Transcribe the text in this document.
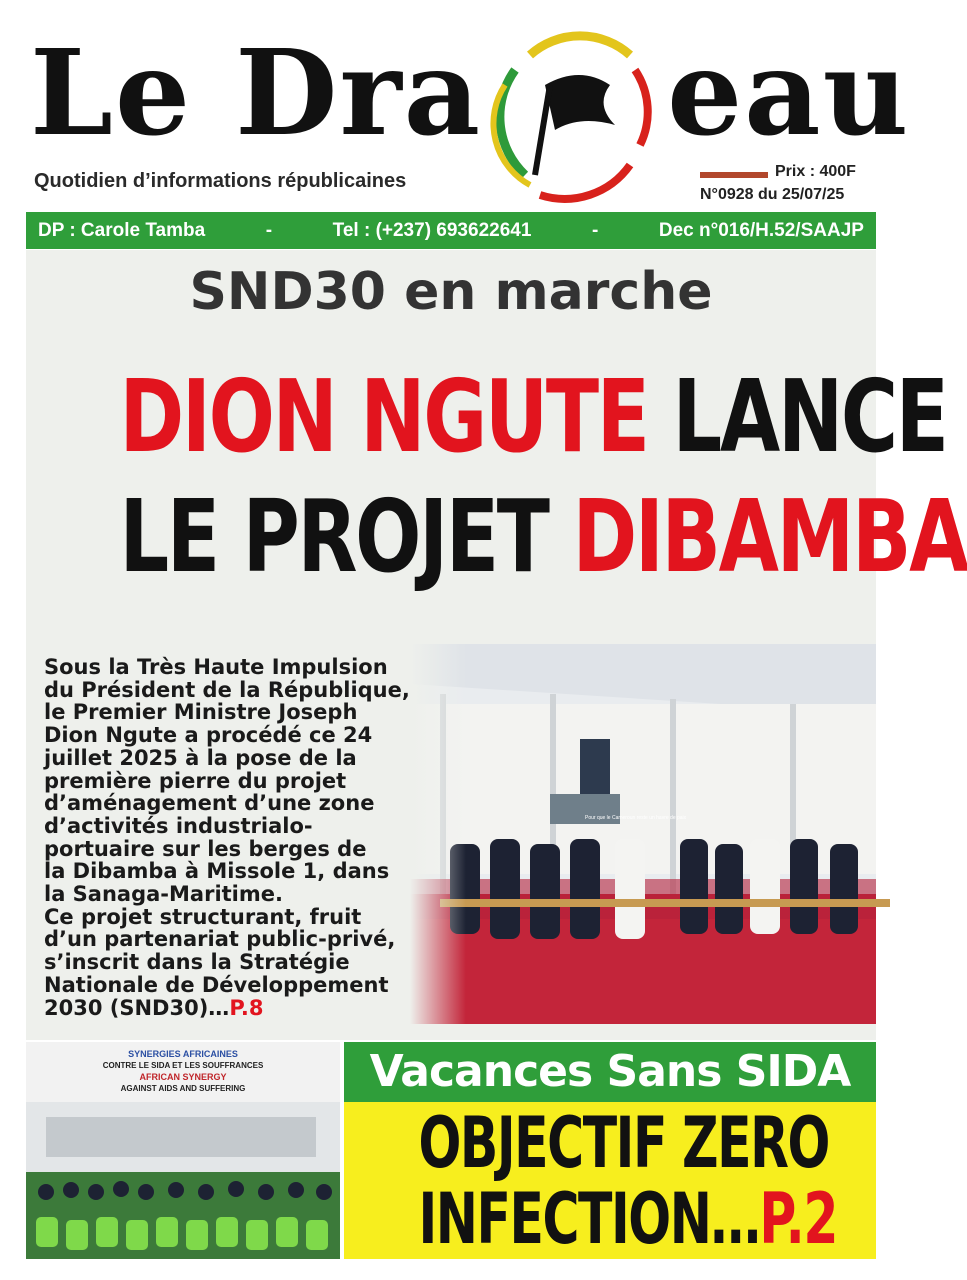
Le Dra eau
Quotidien d’informations républicaines	Prix : 400F
N°0928 du 25/07/25
DP : Carole Tamba	-	Tel : (+237) 693622641	-	Dec n°016/H.52/SAAJP
SND30 en marche
DION NGUTE LANCE
LE PROJET DIBAMBA
Sous la Très Haute Impulsion
du Président de la République,
le Premier Ministre Joseph
Dion Ngute a procédé ce 24
juillet 2025 à la pose de la
première pierre du projet
d’aménagement d’une zone
d’activités industrialo-
portuaire sur les berges de
la Dibamba à Missole 1, dans
la Sanaga-Maritime.
Ce projet structurant, fruit
d’un partenariat public-privé,
s’inscrit dans la Stratégie
Nationale de Développement
2030 (SND30)…P.8
SYNERGIES AFRICAINES
CONTRE LE SIDA ET LES SOUFFRANCES
AFRICAN SYNERGY
AGAINST AIDS AND SUFFERING	Vacances Sans SIDA
OBJECTIF ZERO
INFECTION…P.2
